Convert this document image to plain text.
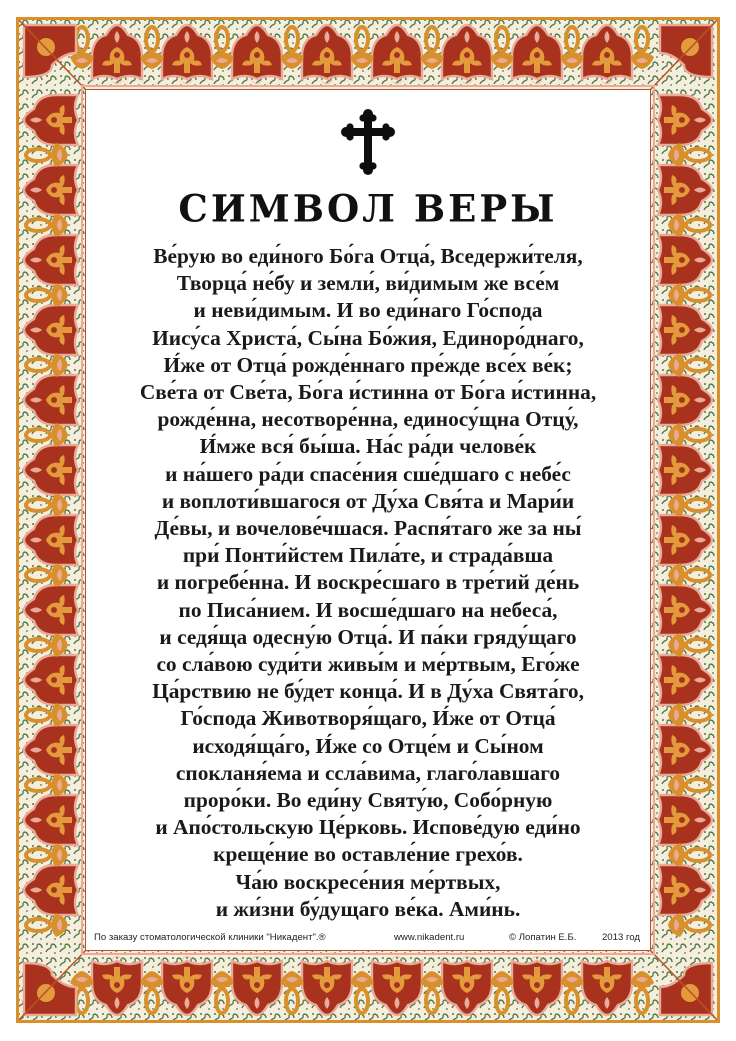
СИМВОЛ ВЕРЫ
Ве́рую во еди́ного Бо́га Отца́, Вседержи́теля,
Творца́ не́бу и земли́, ви́димым же все́м
и неви́димым. И во еди́наго Го́спода
Иису́са Христа́, Сы́на Бо́жия, Единоро́днаго,
И́же от Отца́ рожде́ннаго пре́жде все́х ве́к;
Све́та от Све́та, Бо́га и́стинна от Бо́га и́стинна,
рожде́нна, несотворе́нна, единосу́щна Отцу́,
И́мже вся́ бы́ша. На́с ра́ди челове́к
и на́шего ра́ди спасе́ния сше́дшаго с небе́с
и воплоти́вшагося от Ду́ха Свя́та и Мари́и
Де́вы, и вочелове́чшася. Распя́таго же за ны́
при́ Понти́йстем Пила́те, и страда́вша
и погребе́нна. И воскре́сшаго в тре́тий де́нь
по Писа́нием. И восше́дшаго на небеса́,
и седя́ща одесну́ю Отца́. И па́ки гряду́щаго
со сла́вою суди́ти живы́м и ме́ртвым, Его́же
Ца́рствию не бу́дет конца́. И в Ду́ха Свята́го,
Го́спода Животворя́щаго, И́же от Отца́
исходя́ща́го, И́же со Отце́м и Сы́ном
спокланя́ема и ссла́вима, глаго́лавшаго
проро́ки. Во еди́ну Святу́ю, Собо́рную
и Апо́стольскую Це́рковь. Испове́дую еди́но
креще́ние во оставле́ние грехо́в.
Ча́ю воскресе́ния ме́ртвых,
и жи́зни бу́дущаго ве́ка. Ами́нь.
По заказу стоматологической клиники "Никадент".®	www.nikadent.ru	© Лопатин Е.Б.	2013 год
